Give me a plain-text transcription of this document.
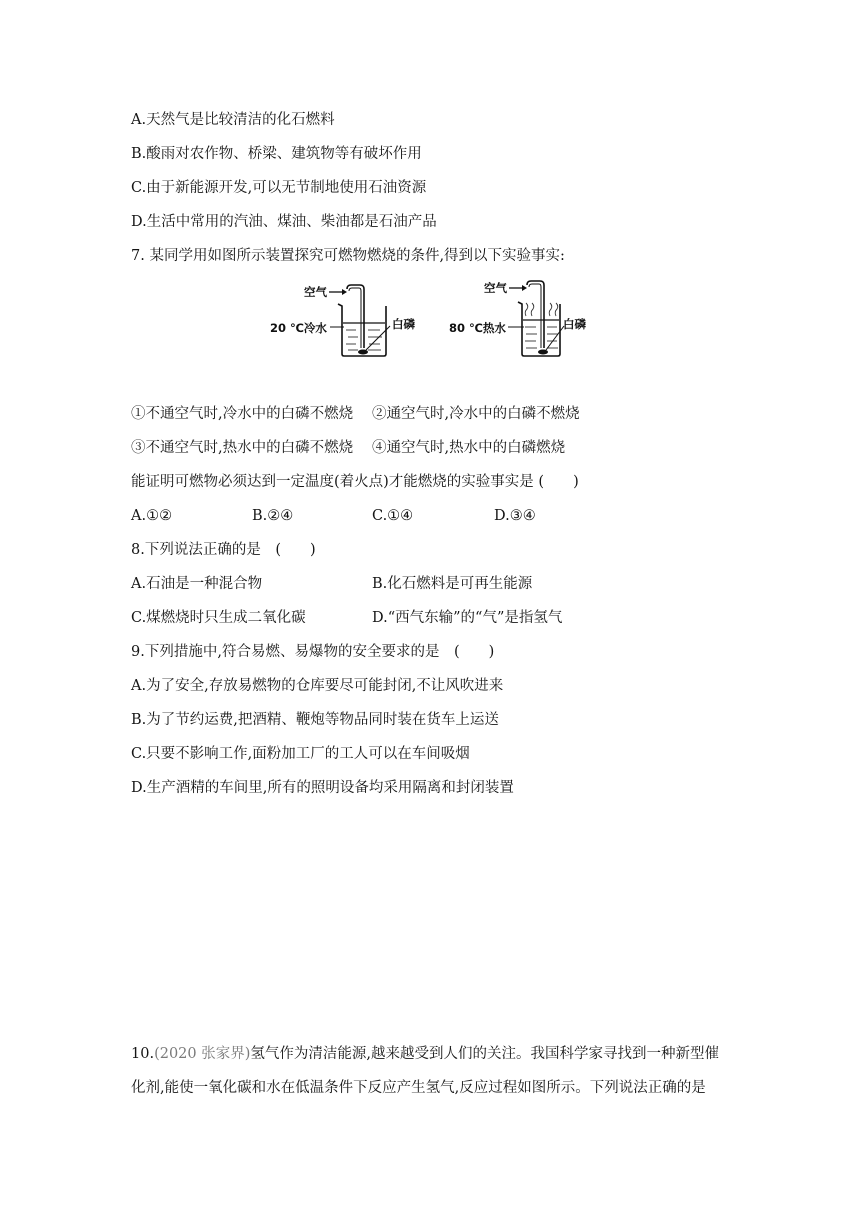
A.天然气是比较清洁的化石燃料
B.酸雨对农作物、桥梁、建筑物等有破坏作用
C.由于新能源开发,可以无节制地使用石油资源
D.生活中常用的汽油、煤油、柴油都是石油产品
7. 某同学用如图所示装置探究可燃物燃烧的条件,得到以下实验事实:
空气
20 ℃冷水	白磷
空气
80 ℃热水	白磷
①不通空气时,冷水中的白磷不燃烧 ②通空气时,冷水中的白磷不燃烧
③不通空气时,热水中的白磷不燃烧 ④通空气时,热水中的白磷燃烧
能证明可燃物必须达到一定温度(着火点)才能燃烧的实验事实是 (　　)
A.①②	B.②④	C.①④	D.③④
8.下列说法正确的是　(　　)
A.石油是一种混合物	B.化石燃料是可再生能源
C.煤燃烧时只生成二氧化碳	D.“西气东输”的“气”是指氢气
9.下列措施中,符合易燃、易爆物的安全要求的是　(　　)
A.为了安全,存放易燃物的仓库要尽可能封闭,不让风吹进来
B.为了节约运费,把酒精、鞭炮等物品同时装在货车上运送
C.只要不影响工作,面粉加工厂的工人可以在车间吸烟
D.生产酒精的车间里,所有的照明设备均采用隔离和封闭装置
10.(2020 张家界)氢气作为清洁能源,越来越受到人们的关注。我国科学家寻找到一种新型催
化剂,能使一氧化碳和水在低温条件下反应产生氢气,反应过程如图所示。下列说法正确的是
